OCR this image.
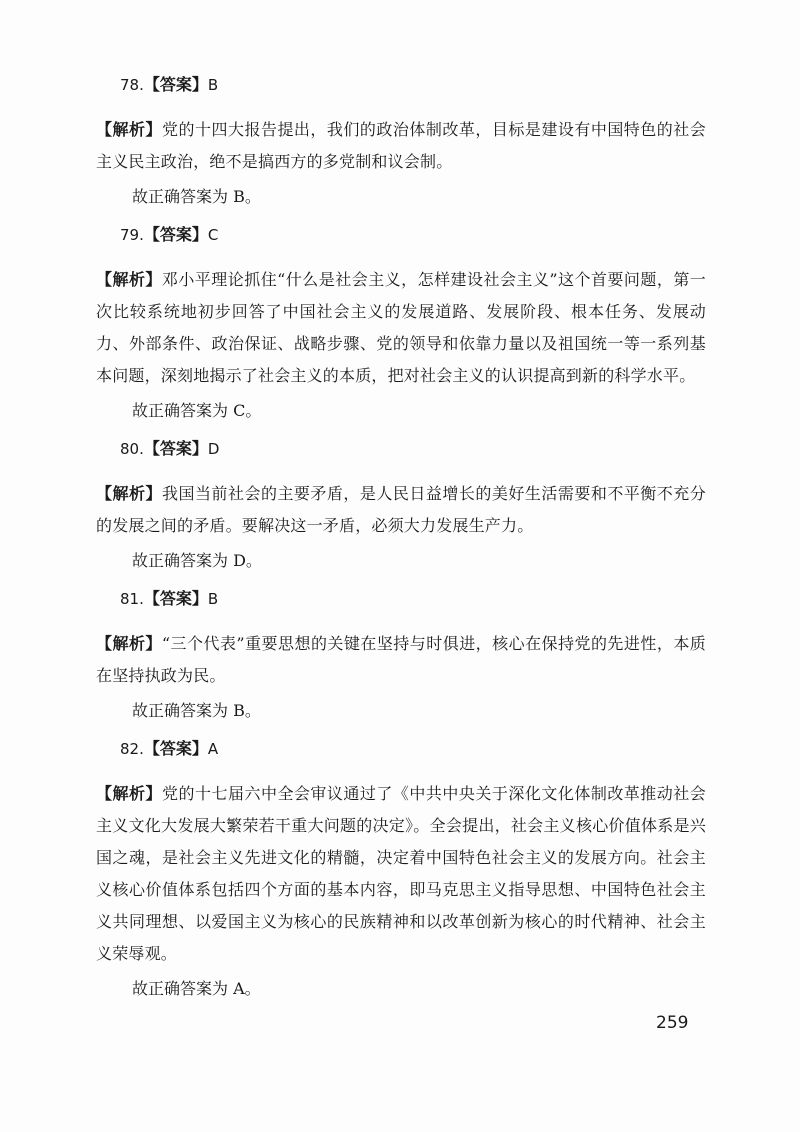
78.【答案】B

【解析】党的十四大报告提出，我们的政治体制改革，目标是建设有中国特色的社会主义民主政治，绝不是搞西方的多党制和议会制。

故正确答案为 B。
79.【答案】C

【解析】邓小平理论抓住“什么是社会主义，怎样建设社会主义”这个首要问题，第一次比较系统地初步回答了中国社会主义的发展道路、发展阶段、根本任务、发展动力、外部条件、政治保证、战略步骤、党的领导和依靠力量以及祖国统一等一系列基本问题，深刻地揭示了社会主义的本质，把对社会主义的认识提高到新的科学水平。

故正确答案为 C。
80.【答案】D

【解析】我国当前社会的主要矛盾，是人民日益增长的美好生活需要和不平衡不充分的发展之间的矛盾。要解决这一矛盾，必须大力发展生产力。

故正确答案为 D。
81.【答案】B

【解析】“三个代表”重要思想的关键在坚持与时俱进，核心在保持党的先进性，本质在坚持执政为民。

故正确答案为 B。
82.【答案】A

【解析】党的十七届六中全会审议通过了《中共中央关于深化文化体制改革推动社会主义文化大发展大繁荣若干重大问题的决定》。全会提出，社会主义核心价值体系是兴国之魂，是社会主义先进文化的精髓，决定着中国特色社会主义的发展方向。社会主义核心价值体系包括四个方面的基本内容，即马克思主义指导思想、中国特色社会主义共同理想、以爱国主义为核心的民族精神和以改革创新为核心的时代精神、社会主义荣辱观。

故正确答案为 A。
259
